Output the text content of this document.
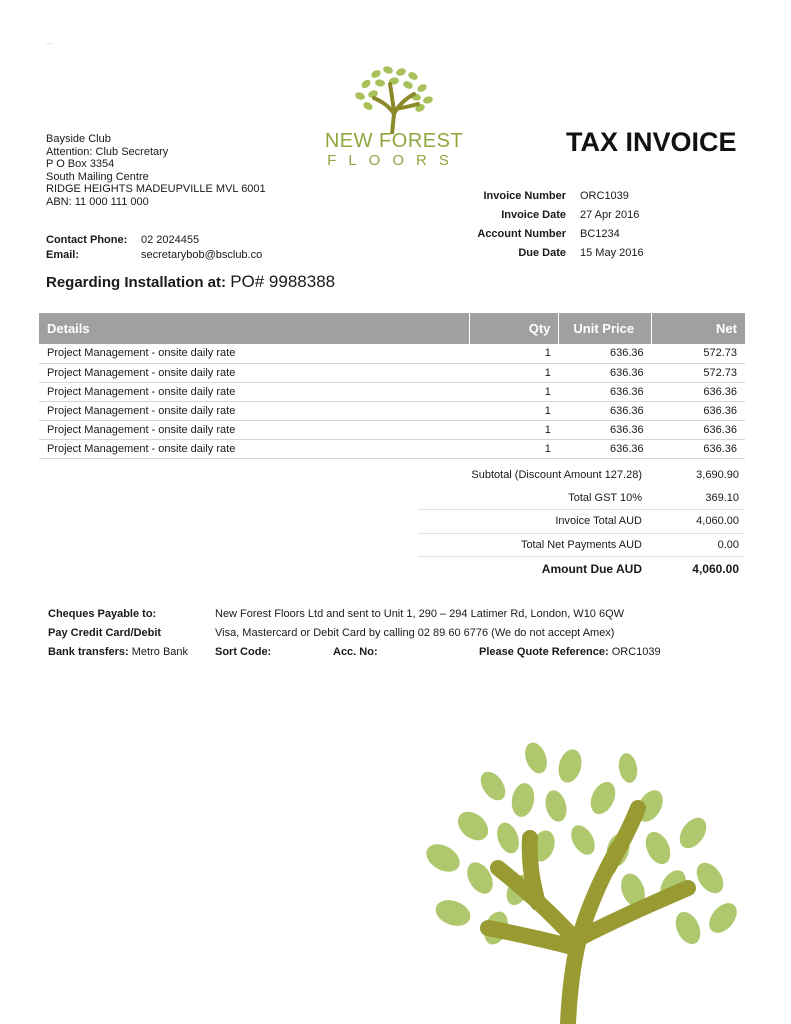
…
Bayside Club
Attention: Club Secretary
P O Box 3354
South Mailing Centre
RIDGE HEIGHTS MADEUPVILLE MVL 6001
ABN: 11 000 111 000
Contact Phone: 02 2024455
Email:	secretarybob@bsclub.co
NEW FOREST
FLOORS
TAX INVOICE
Invoice Number	ORC1039
Invoice Date	27 Apr 2016
Account Number	BC1234
Due Date	15 May 2016
Regarding Installation at: PO# 9988388
Details	Qty	Unit Price	Net
Project Management - onsite daily rate	1	636.36	572.73
Project Management - onsite daily rate	1	636.36	572.73
Project Management - onsite daily rate	1	636.36	636.36
Project Management - onsite daily rate	1	636.36	636.36
Project Management - onsite daily rate	1	636.36	636.36
Project Management - onsite daily rate	1	636.36	636.36
Subtotal (Discount Amount 127.28)	3,690.90
Total GST 10%	369.10
Invoice Total AUD	4,060.00
Total Net Payments AUD	0.00
Amount Due AUD	4,060.00
Cheques Payable to:	New Forest Floors Ltd and sent to Unit 1, 290 – 294 Latimer Rd, London, W10 6QW
Pay Credit Card/Debit	Visa, Mastercard or Debit Card by calling 02 89 60 6776 (We do not accept Amex)
Bank transfers: Metro Bank	Sort Code:	Acc. No:	Please Quote Reference:
ORC1039
